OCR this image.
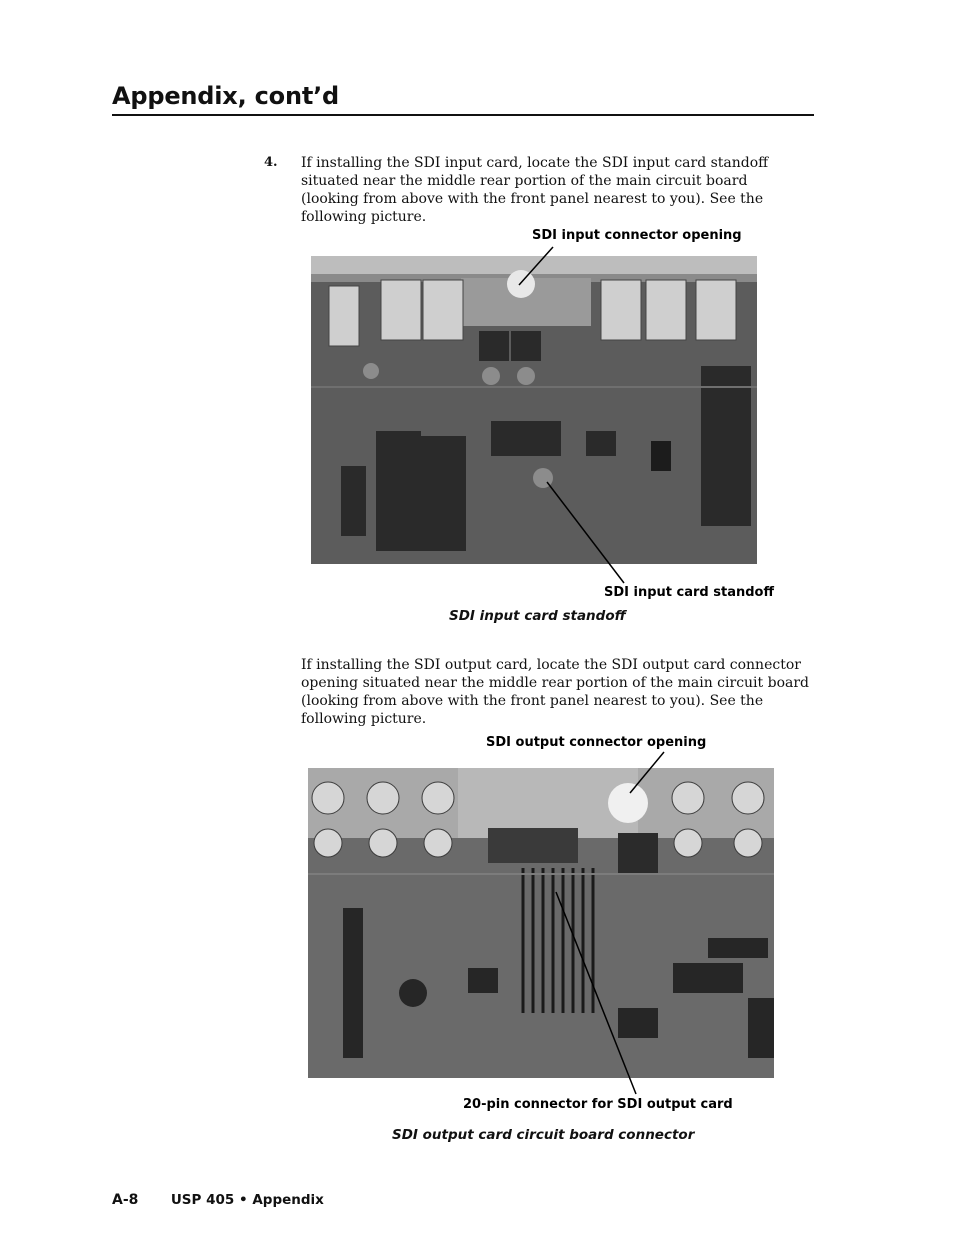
Appendix, cont’d
4. If installing the SDI input card, locate the SDI input card standoff situated near the middle rear portion of the main circuit board (looking from above with the front panel nearest to you). See the following picture.
SDI input connector opening
SDI input card standoff
SDI input card standoff
If installing the SDI output card, locate the SDI output card connector opening situated near the middle rear portion of the main circuit board (looking from above with the front panel nearest to you). See the following picture.
SDI output connector opening
20-pin connector for SDI output card
SDI output card circuit board connector
A-8 USP 405 • Appendix
